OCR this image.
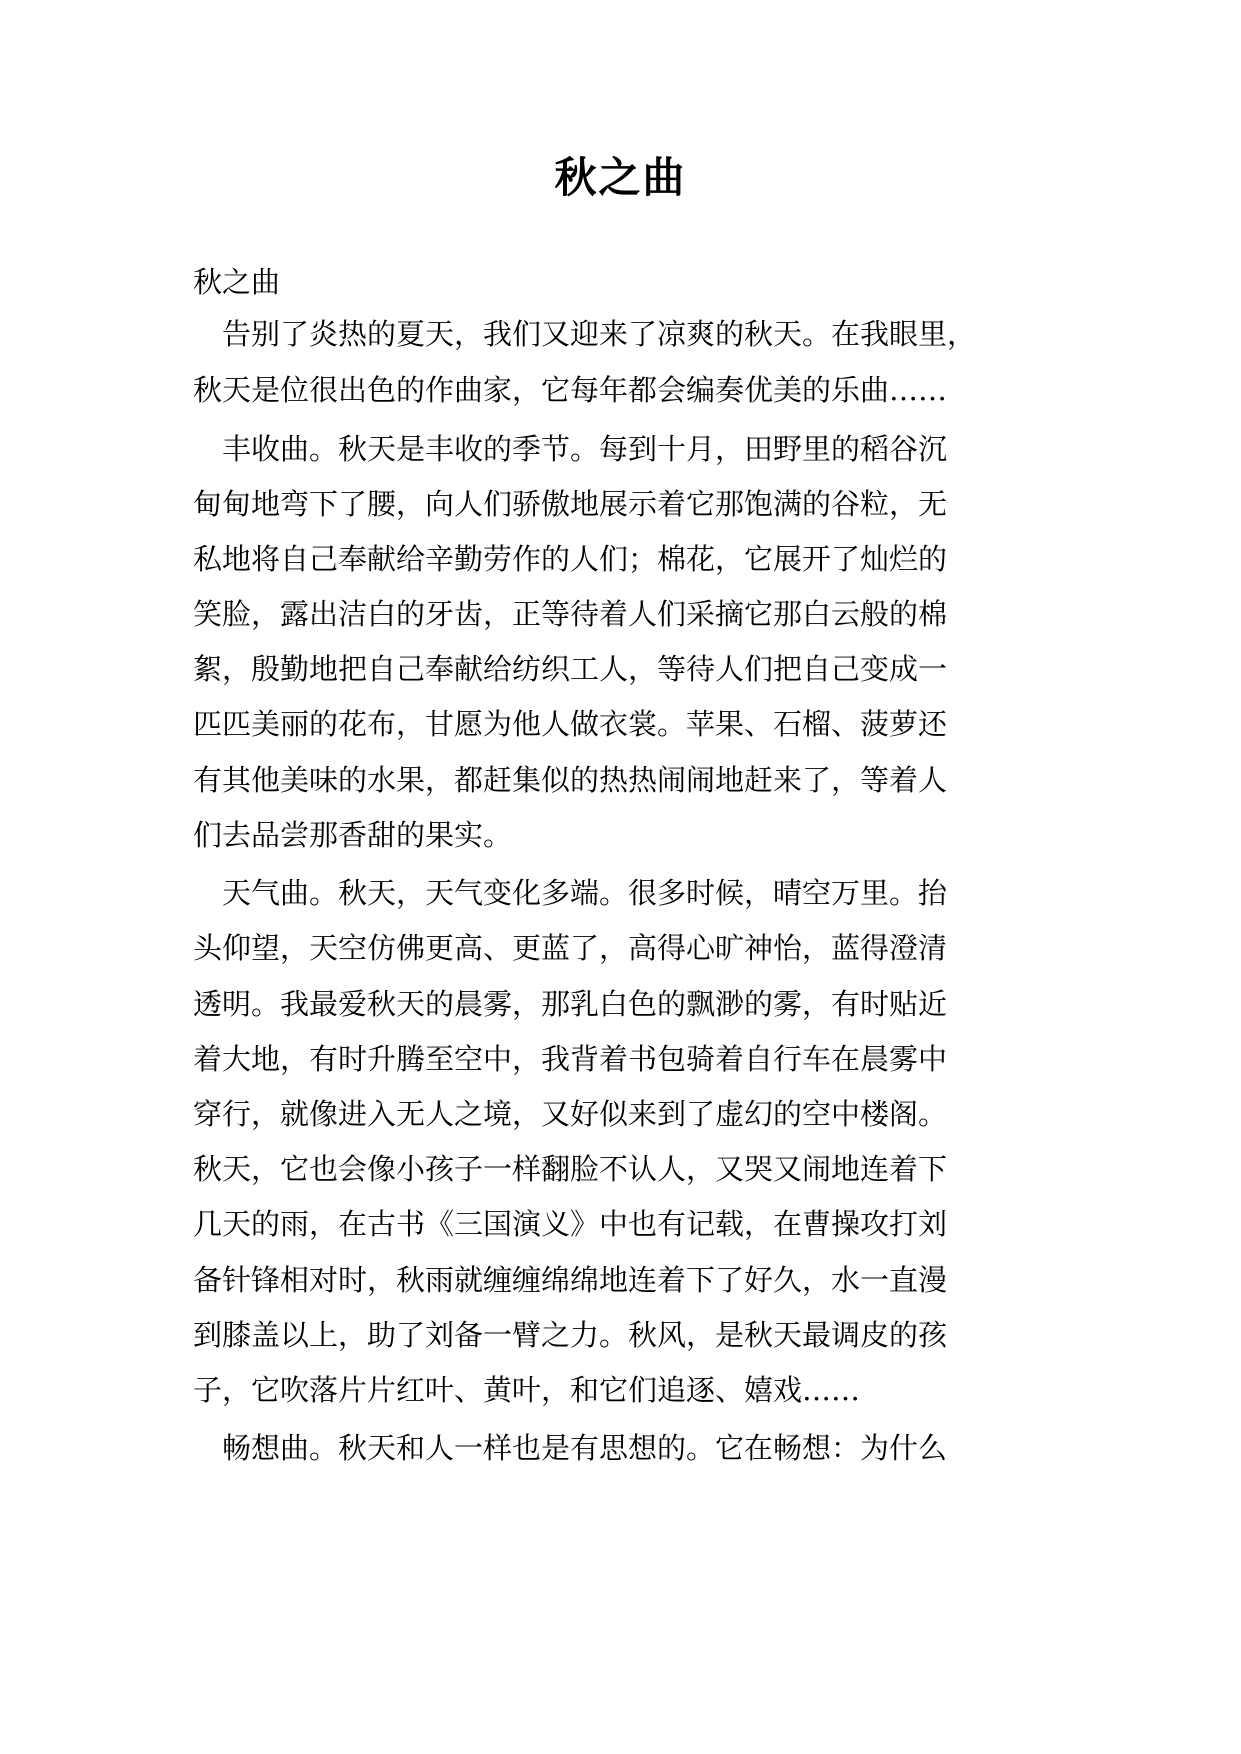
秋之曲
秋之曲
　告别了炎热的夏天，我们又迎来了凉爽的秋天。在我眼里，
秋天是位很出色的作曲家，它每年都会编奏优美的乐曲……
　丰收曲。秋天是丰收的季节。每到十月，田野里的稻谷沉
甸甸地弯下了腰，向人们骄傲地展示着它那饱满的谷粒，无
私地将自己奉献给辛勤劳作的人们；棉花，它展开了灿烂的
笑脸，露出洁白的牙齿，正等待着人们采摘它那白云般的棉
絮，殷勤地把自己奉献给纺织工人，等待人们把自己变成一
匹匹美丽的花布，甘愿为他人做衣裳。苹果、石榴、菠萝还
有其他美味的水果，都赶集似的热热闹闹地赶来了，等着人
们去品尝那香甜的果实。
　天气曲。秋天，天气变化多端。很多时候，晴空万里。抬
头仰望，天空仿佛更高、更蓝了，高得心旷神怡，蓝得澄清
透明。我最爱秋天的晨雾，那乳白色的飘渺的雾，有时贴近
着大地，有时升腾至空中，我背着书包骑着自行车在晨雾中
穿行，就像进入无人之境，又好似来到了虚幻的空中楼阁。
秋天，它也会像小孩子一样翻脸不认人，又哭又闹地连着下
几天的雨，在古书《三国演义》中也有记载，在曹操攻打刘
备针锋相对时，秋雨就缠缠绵绵地连着下了好久，水一直漫
到膝盖以上，助了刘备一臂之力。秋风，是秋天最调皮的孩
子，它吹落片片红叶、黄叶，和它们追逐、嬉戏……
　畅想曲。秋天和人一样也是有思想的。它在畅想：为什么
